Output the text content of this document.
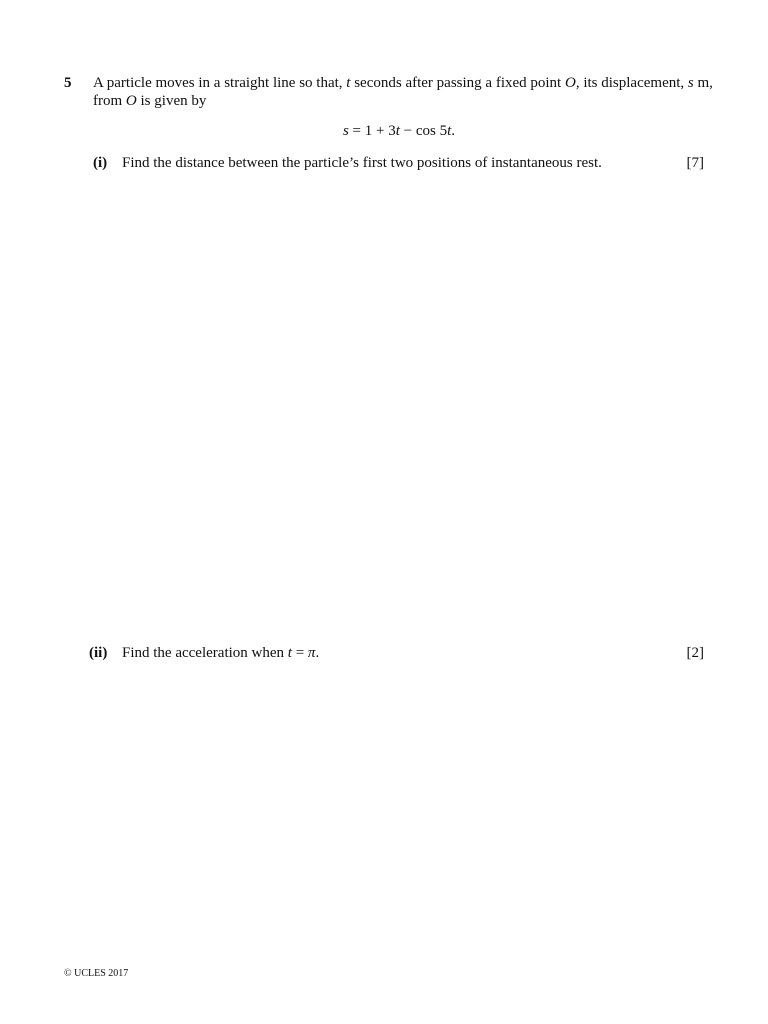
5 A particle moves in a straight line so that, t seconds after passing a fixed point O, its displacement, s m,
from O is given by
s = 1 + 3t − cos 5t.
(i) Find the distance between the particle’s first two positions of instantaneous rest.	[7]
(ii) Find the acceleration when t = π.	[2]
© UCLES 2017
